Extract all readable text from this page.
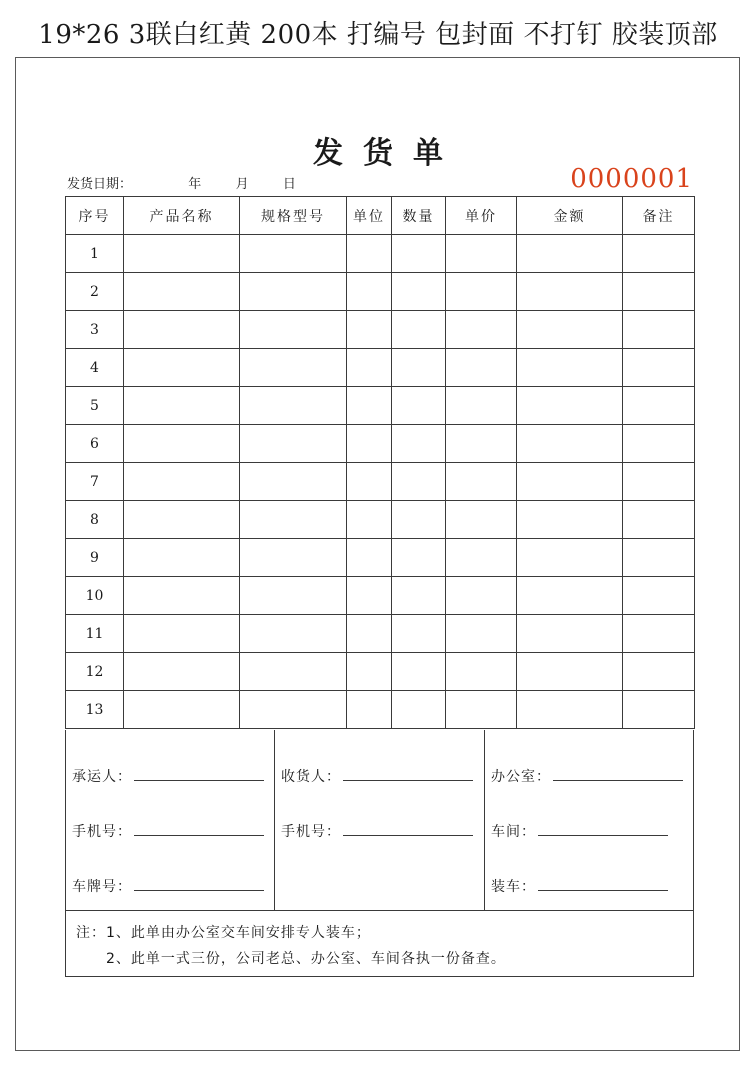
19*26 3联白红黄 200本 打编号 包封面 不打钉 胶装顶部
发货单
发货日期：	年	月	日	0000001
序号	产品名称	规格型号	单位	数量	单价	金额	备注
1							
2							
3							
4							
5							
6							
7							
8							
9							
10							
11							
12							
13							
承运人：
手机号：
车牌号：
收货人：
手机号：
办公室：
车间：
装车：
注：1、此单由办公室交车间安排专人装车；
2、此单一式三份，公司老总、办公室、车间各执一份备查。
